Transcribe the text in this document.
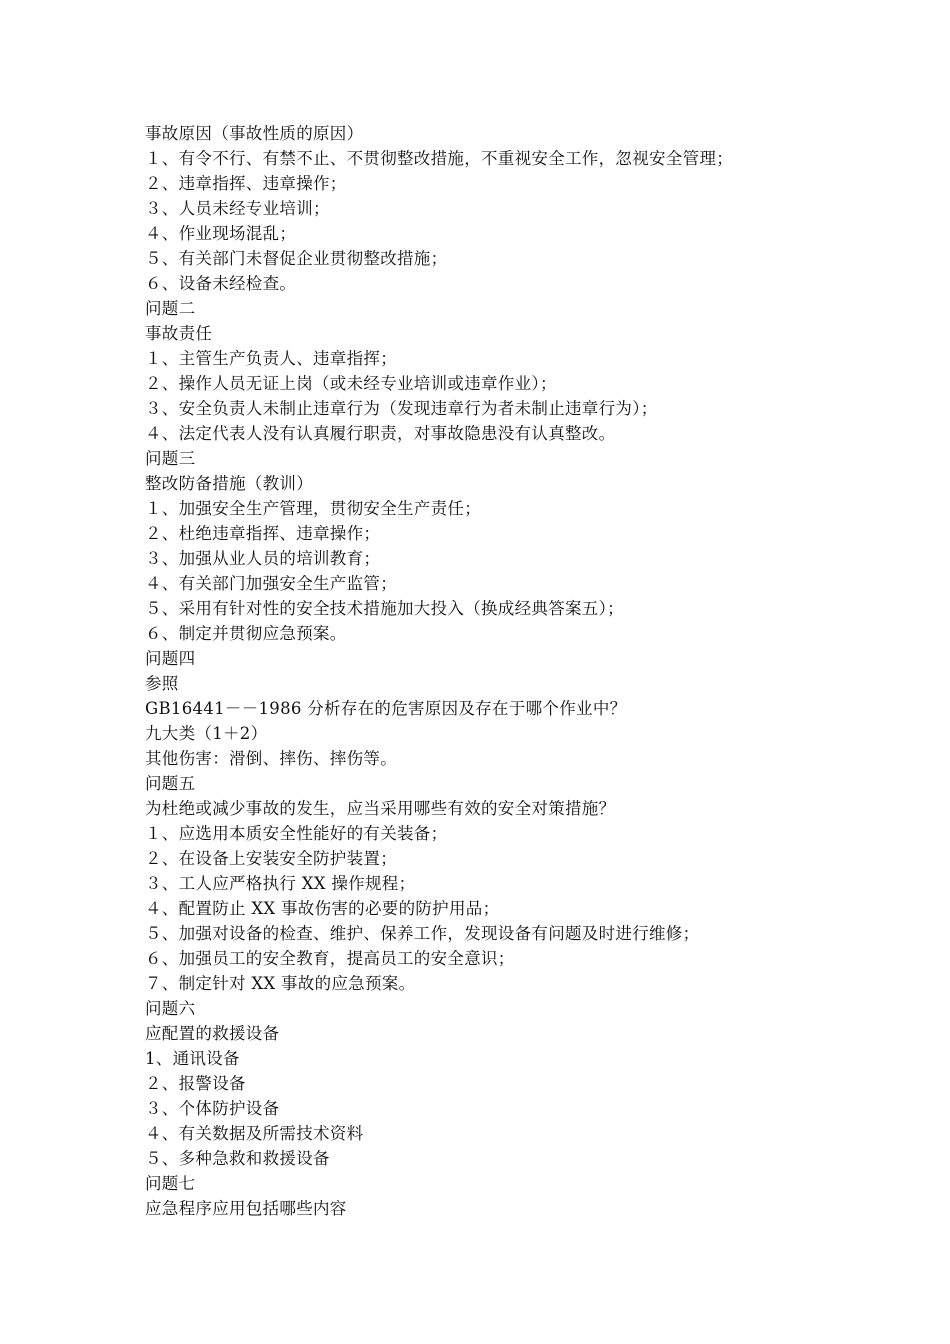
事故原因（事故性质的原因）
１、有令不行、有禁不止、不贯彻整改措施，不重视安全工作，忽视安全管理；
２、违章指挥、违章操作；
３、人员未经专业培训；
４、作业现场混乱；
５、有关部门未督促企业贯彻整改措施；
６、设备未经检查。
问题二
事故责任
１、主管生产负责人、违章指挥；
２、操作人员无证上岗（或未经专业培训或违章作业）；
３、安全负责人未制止违章行为（发现违章行为者未制止违章行为）；
４、法定代表人没有认真履行职责，对事故隐患没有认真整改。
问题三
整改防备措施（教训）
１、加强安全生产管理，贯彻安全生产责任；
２、杜绝违章指挥、违章操作；
３、加强从业人员的培训教育；
４、有关部门加强安全生产监管；
５、采用有针对性的安全技术措施加大投入（换成经典答案五）；
６、制定并贯彻应急预案。
问题四
参照
GB16441－－1986 分析存在的危害原因及存在于哪个作业中？
九大类（1＋2）
其他伤害：滑倒、摔伤、摔伤等。
问题五
为杜绝或减少事故的发生，应当采用哪些有效的安全对策措施？
１、应选用本质安全性能好的有关装备；
２、在设备上安装安全防护装置；
３、工人应严格执行 XX 操作规程；
４、配置防止 XX 事故伤害的必要的防护用品；
５、加强对设备的检查、维护、保养工作，发现设备有问题及时进行维修；
６、加强员工的安全教育，提高员工的安全意识；
７、制定针对 XX 事故的应急预案。
问题六
应配置的救援设备
1、通讯设备
２、报警设备
３、个体防护设备
４、有关数据及所需技术资料
５、多种急救和救援设备
问题七
应急程序应用包括哪些内容
